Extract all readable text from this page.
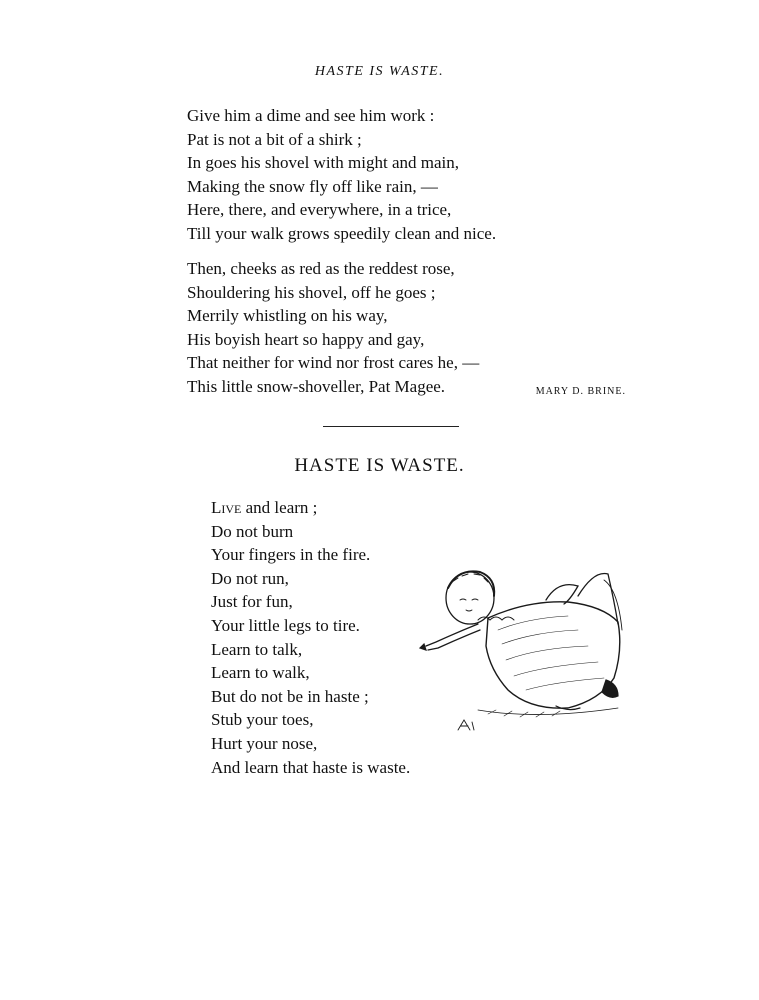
HASTE IS WASTE.
Give him a dime and see him work :
Pat is not a bit of a shirk ;
In goes his shovel with might and main,
Making the snow fly off like rain, —
Here, there, and everywhere, in a trice,
Till your walk grows speedily clean and nice.
Then, cheeks as red as the reddest rose,
Shouldering his shovel, off he goes ;
Merrily whistling on his way,
His boyish heart so happy and gay,
That neither for wind nor frost cares he, —
This little snow-shoveller, Pat Magee.	MARY D. BRINE.
HASTE IS WASTE.
Live and learn ;
Do not burn
Your fingers in the fire.
Do not run,
Just for fun,
Your little legs to tire.
Learn to talk,
Learn to walk,
But do not be in haste ;
Stub your toes,
Hurt your nose,
And learn that haste is waste.
